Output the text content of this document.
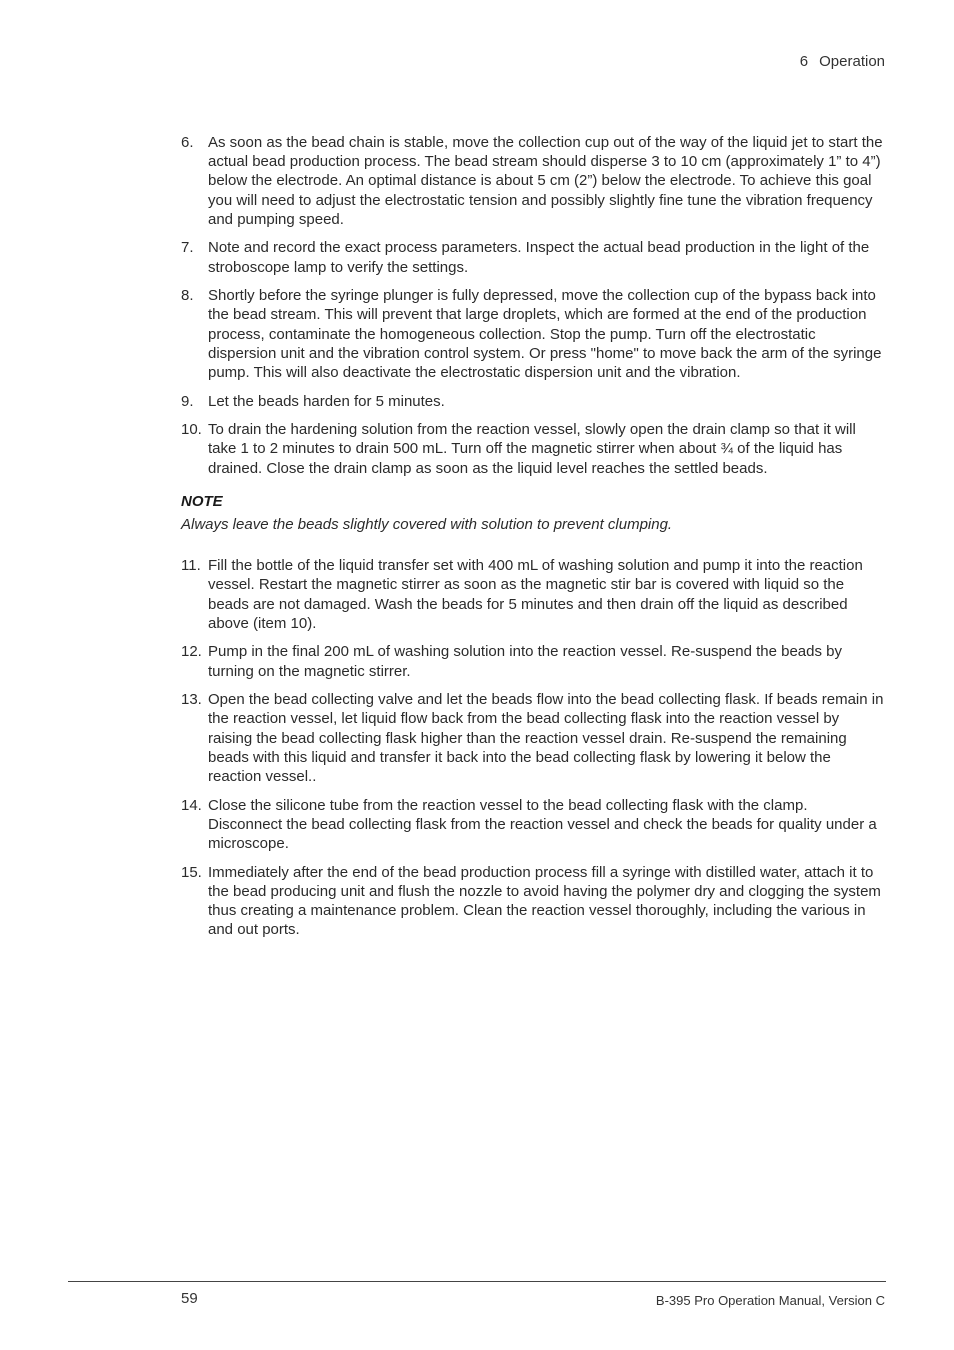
6 Operation
6. As soon as the bead chain is stable, move the collection cup out of the way of the liquid jet to start the actual bead production process. The bead stream should disperse 3 to 10 cm (approximately 1” to 4”) below the electrode. An optimal distance is about 5 cm (2”) below the electrode. To achieve this goal you will need to adjust the electrostatic tension and possibly slightly fine tune the vibration frequency and pumping speed.
7. Note and record the exact process parameters. Inspect the actual bead production in the light of the stroboscope lamp to verify the settings.
8. Shortly before the syringe plunger is fully depressed, move the collection cup of the bypass back into the bead stream. This will prevent that large droplets, which are formed at the end of the production process, contaminate the homogeneous collection. Stop the pump. Turn off the electrostatic dispersion unit and the vibration control system. Or press "home" to move back the arm of the syringe pump. This will also deactivate the electrostatic dispersion unit and the vibration.
9. Let the beads harden for 5 minutes.
10. To drain the hardening solution from the reaction vessel, slowly open the drain clamp so that it will take 1 to 2 minutes to drain 500 mL. Turn off the magnetic stirrer when about ¾ of the liquid has drained. Close the drain clamp as soon as the liquid level reaches the settled beads.
NOTE
Always leave the beads slightly covered with solution to prevent clumping.
11. Fill the bottle of the liquid transfer set with 400 mL of washing solution and pump it into the reaction vessel. Restart the magnetic stirrer as soon as the magnetic stir bar is covered with liquid so the beads are not damaged. Wash the beads for 5 minutes and then drain off the liquid as described above (item 10).
12. Pump in the final 200 mL of washing solution into the reaction vessel. Re-suspend the beads by turning on the magnetic stirrer.
13. Open the bead collecting valve and let the beads flow into the bead collecting flask. If beads remain in the reaction vessel, let liquid flow back from the bead collecting flask into the reaction vessel by raising the bead collecting flask higher than the reaction vessel drain. Re-suspend the remaining beads with this liquid and transfer it back into the bead collecting flask by lowering it below the reaction vessel..
14. Close the silicone tube from the reaction vessel to the bead collecting flask with the clamp. Disconnect the bead collecting flask from the reaction vessel and check the beads for quality under a microscope.
15. Immediately after the end of the bead production process fill a syringe with distilled water, attach it to the bead producing unit and flush the nozzle to avoid having the polymer dry and clogging the system thus creating a maintenance problem. Clean the reaction vessel thoroughly, including the various in and out ports.
59	B-395 Pro Operation Manual, Version C
